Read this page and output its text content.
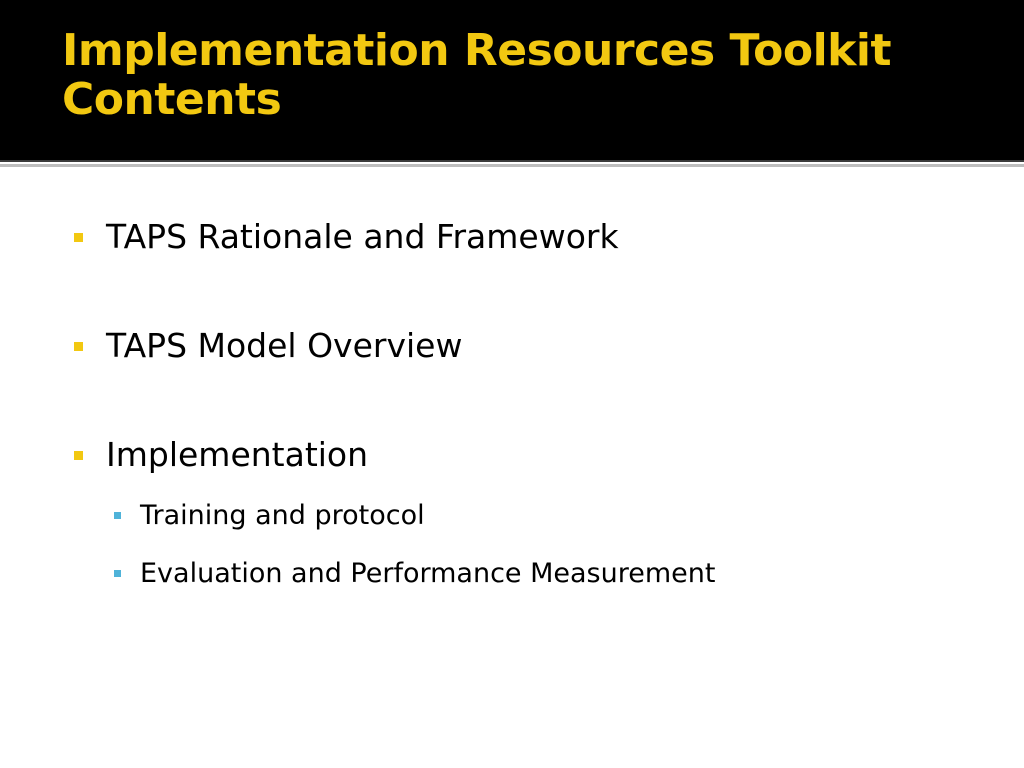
Implementation Resources Toolkit Contents
TAPS Rationale and Framework
TAPS Model Overview
Implementation
Training and protocol
Evaluation and Performance Measurement
